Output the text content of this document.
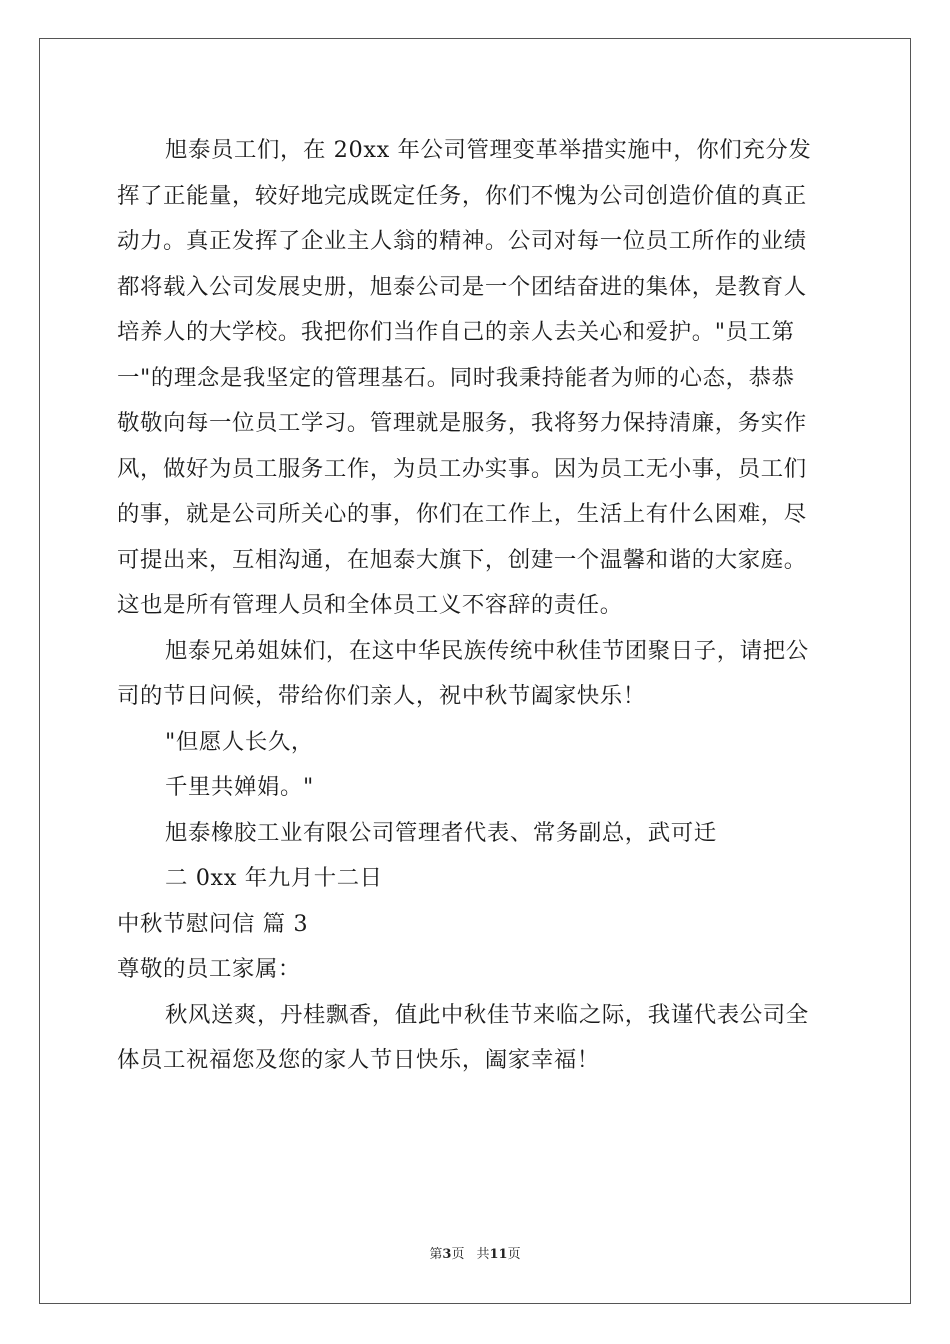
旭泰员工们，在 20xx 年公司管理变革举措实施中，你们充分发
挥了正能量，较好地完成既定任务，你们不愧为公司创造价值的真正
动力。真正发挥了企业主人翁的精神。公司对每一位员工所作的业绩
都将载入公司发展史册，旭泰公司是一个团结奋进的集体，是教育人
培养人的大学校。我把你们当作自己的亲人去关心和爱护。"员工第
一"的理念是我坚定的管理基石。同时我秉持能者为师的心态，恭恭
敬敬向每一位员工学习。管理就是服务，我将努力保持清廉，务实作
风，做好为员工服务工作，为员工办实事。因为员工无小事，员工们
的事，就是公司所关心的事，你们在工作上，生活上有什么困难，尽
可提出来，互相沟通，在旭泰大旗下，创建一个温馨和谐的大家庭。
这也是所有管理人员和全体员工义不容辞的责任。
旭泰兄弟姐妹们，在这中华民族传统中秋佳节团聚日子，请把公
司的节日问候，带给你们亲人，祝中秋节阖家快乐！
"但愿人长久，
千里共婵娟。"
旭泰橡胶工业有限公司管理者代表、常务副总，武可迁
二 0xx 年九月十二日
中秋节慰问信 篇 3
尊敬的员工家属：
秋风送爽，丹桂飘香，值此中秋佳节来临之际，我谨代表公司全
体员工祝福您及您的家人节日快乐，阖家幸福！
第3页 共11页
